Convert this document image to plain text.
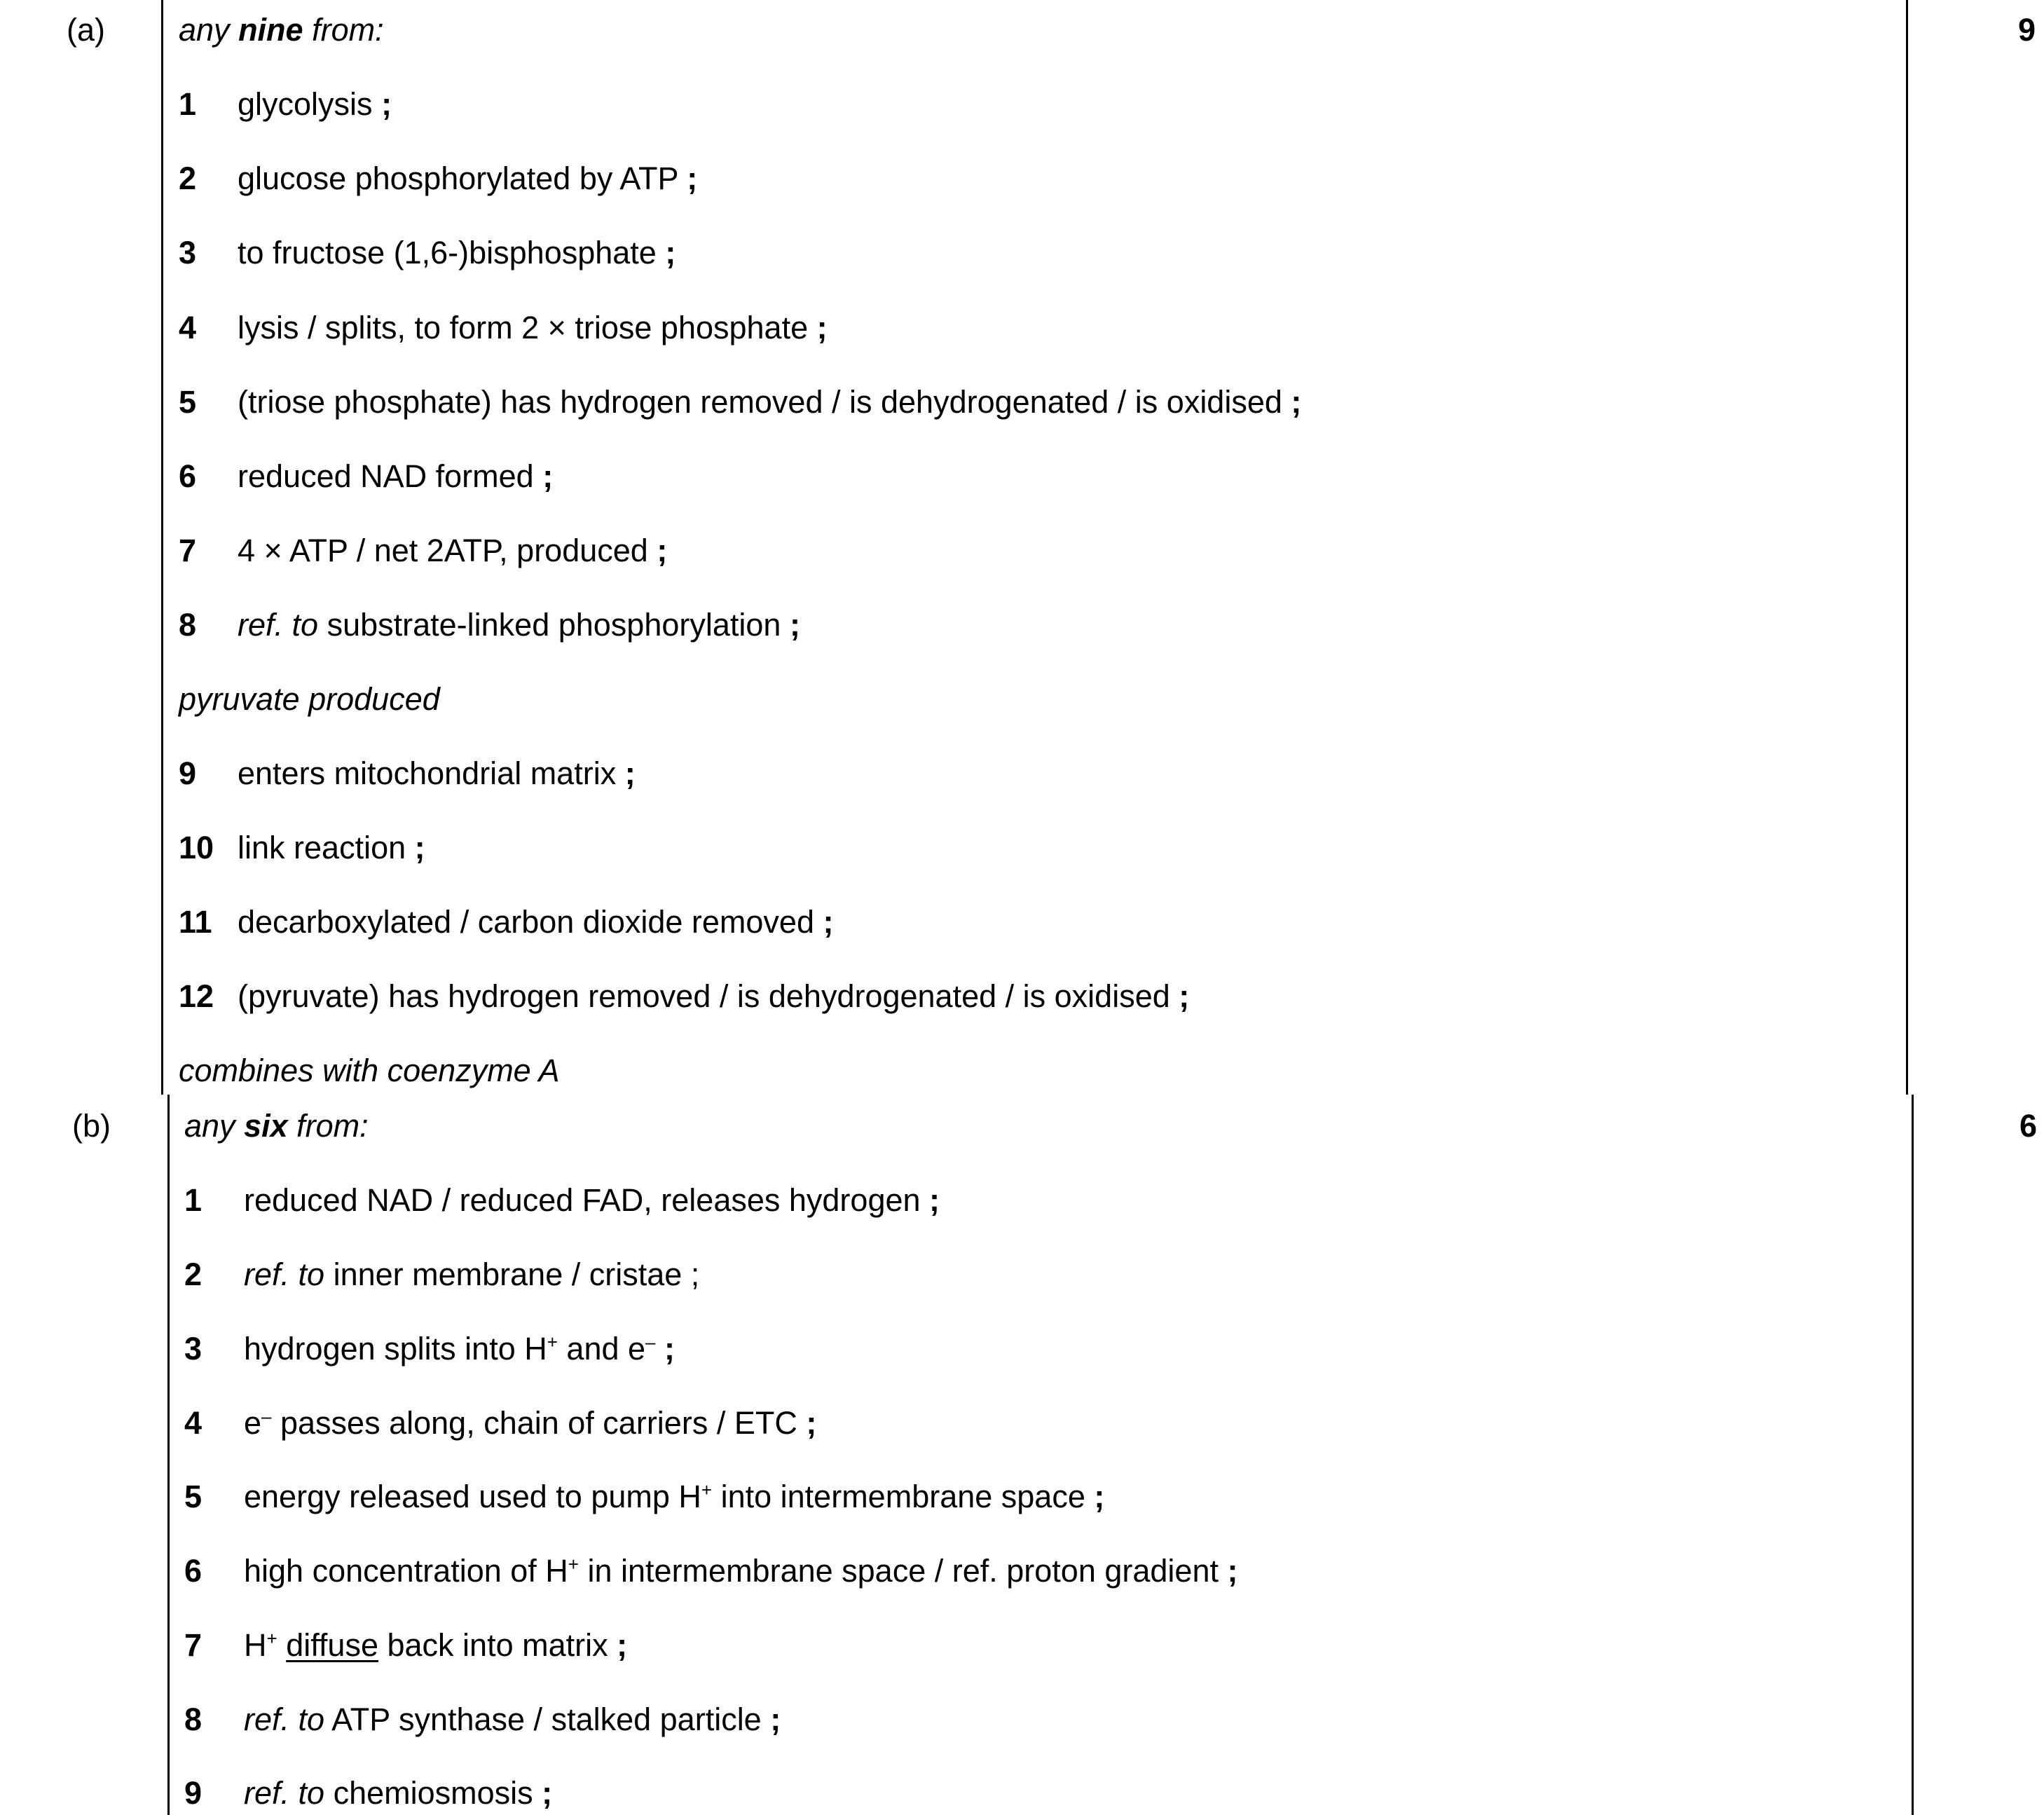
(a)	9
any nine from:
1 glycolysis ;
2 glucose phosphorylated by ATP ;
3 to fructose (1,6-)bisphosphate ;
4 lysis / splits, to form 2 × triose phosphate ;
5 (triose phosphate) has hydrogen removed / is dehydrogenated / is oxidised ;
6 reduced NAD formed ;
7 4 × ATP / net 2ATP, produced ;
8 ref. to substrate-linked phosphorylation ;
pyruvate produced
9 enters mitochondrial matrix ;
10 link reaction ;
11 decarboxylated / carbon dioxide removed ;
12 (pyruvate) has hydrogen removed / is dehydrogenated / is oxidised ;
combines with coenzyme A
(b)	6
any six from:
1 reduced NAD / reduced FAD, releases hydrogen ;
2 ref. to inner membrane / cristae ;
3 hydrogen splits into H+ and e– ;
4 e– passes along, chain of carriers / ETC ;
5 energy released used to pump H+ into intermembrane space ;
6 high concentration of H+ in intermembrane space / ref. proton gradient ;
7 H+ diffuse back into matrix ;
8 ref. to ATP synthase / stalked particle ;
9 ref. to chemiosmosis ;
